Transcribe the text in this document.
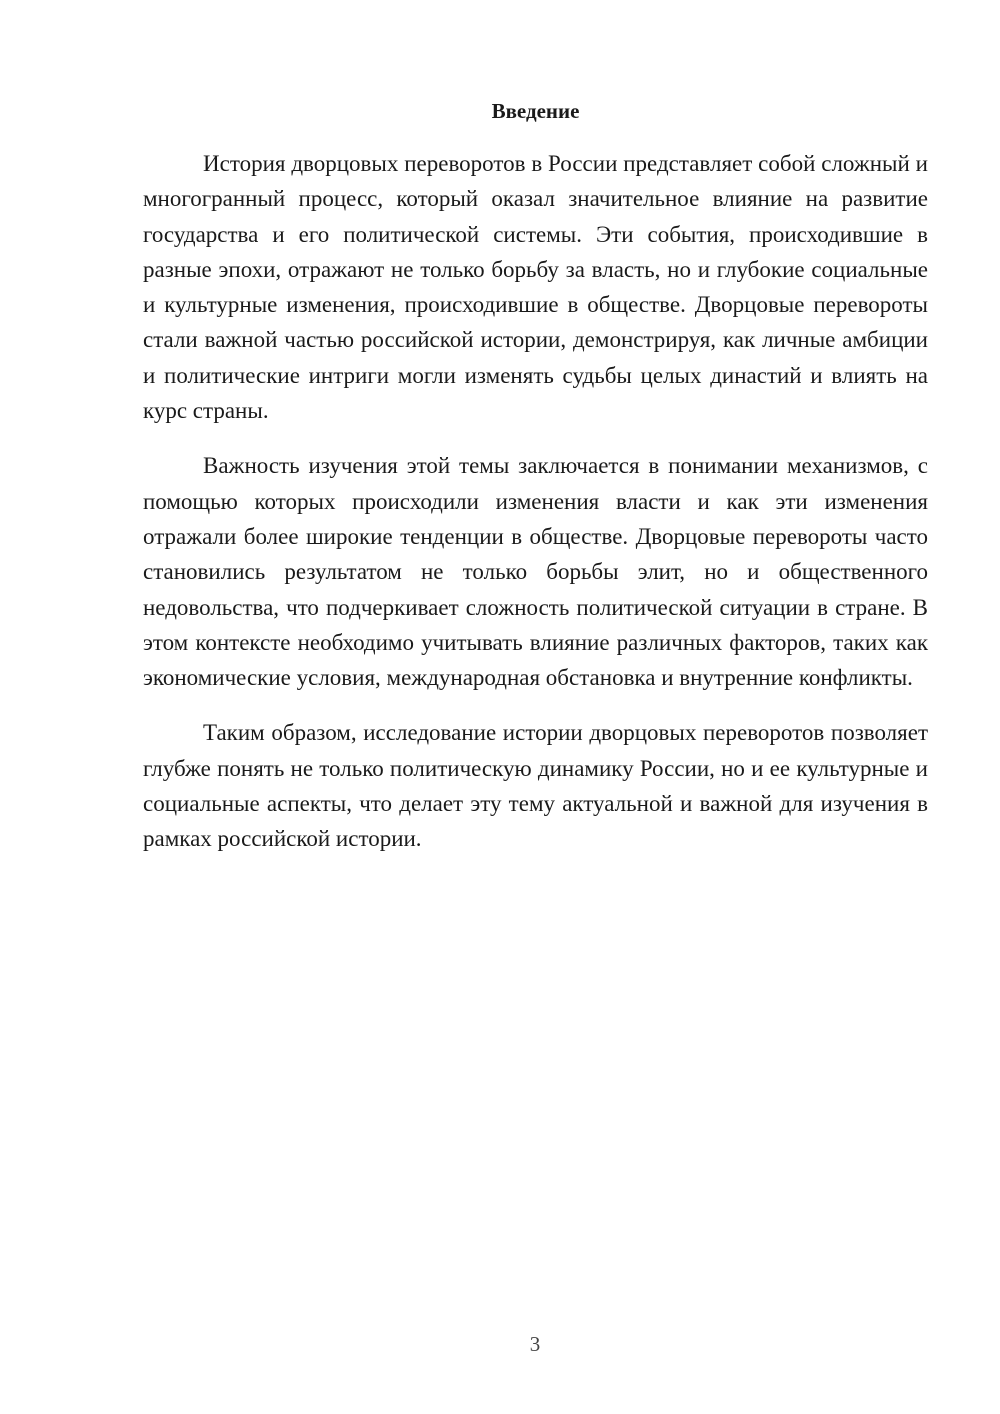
Введение

История дворцовых переворотов в России представляет собой сложный и многогранный процесс, который оказал значительное влияние на развитие государства и его политической системы. Эти события, происходившие в разные эпохи, отражают не только борьбу за власть, но и глубокие социальные и культурные изменения, происходившие в обществе. Дворцовые перевороты стали важной частью российской истории, демонстрируя, как личные амбиции и политические интриги могли изменять судьбы целых династий и влиять на курс страны.

Важность изучения этой темы заключается в понимании механизмов, с помощью которых происходили изменения власти и как эти изменения отражали более широкие тенденции в обществе. Дворцовые перевороты часто становились результатом не только борьбы элит, но и общественного недовольства, что подчеркивает сложность политической ситуации в стране. В этом контексте необходимо учитывать влияние различных факторов, таких как экономические условия, международная обстановка и внутренние конфликты.

Таким образом, исследование истории дворцовых переворотов позволяет глубже понять не только политическую динамику России, но и ее культурные и социальные аспекты, что делает эту тему актуальной и важной для изучения в рамках российской истории.

3
